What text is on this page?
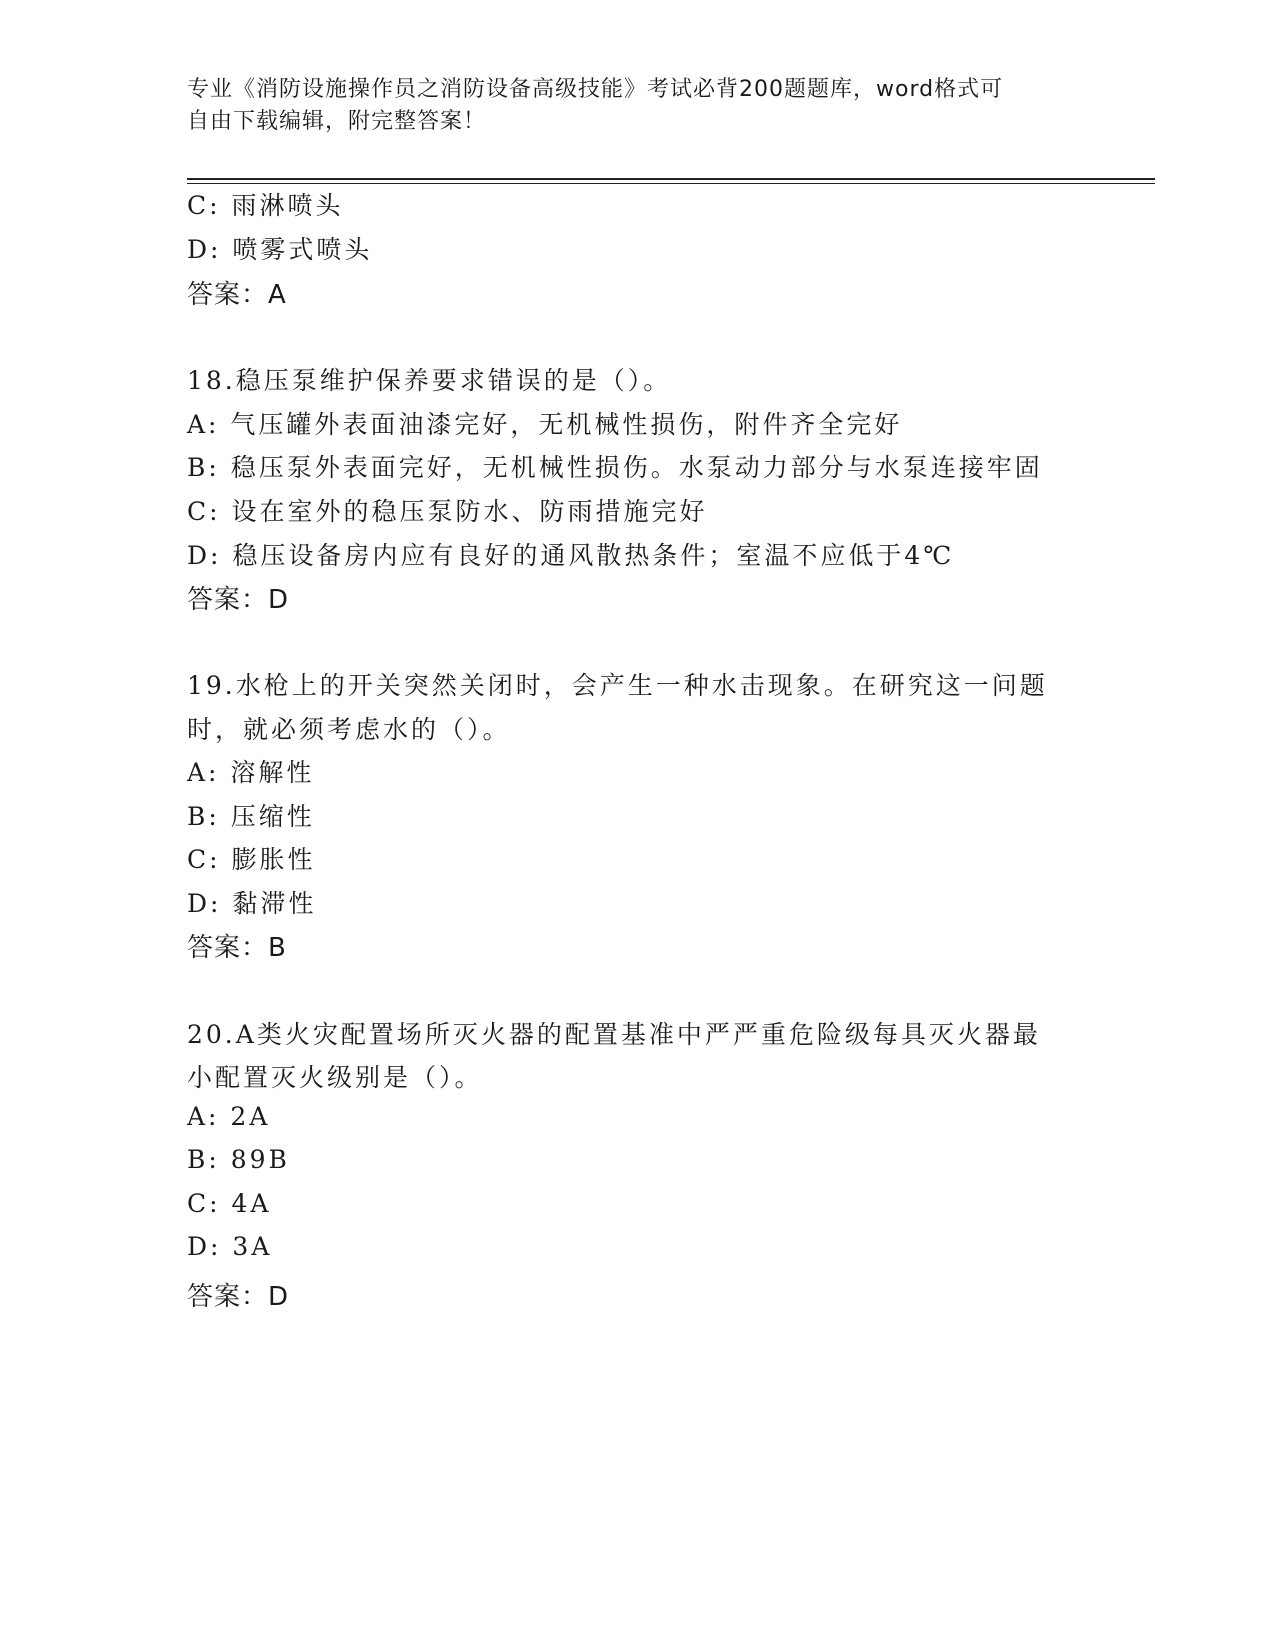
专业《消防设施操作员之消防设备高级技能》考试必背200题题库，word格式可
自由下载编辑，附完整答案！
C: 雨淋喷头
D: 喷雾式喷头
答案：A
18.稳压泵维护保养要求错误的是（）。
A: 气压罐外表面油漆完好，无机械性损伤，附件齐全完好
B: 稳压泵外表面完好，无机械性损伤。水泵动力部分与水泵连接牢固
C: 设在室外的稳压泵防水、防雨措施完好
D: 稳压设备房内应有良好的通风散热条件；室温不应低于4℃
答案：D
19.水枪上的开关突然关闭时，会产生一种水击现象。在研究这一问题
时，就必须考虑水的（）。
A: 溶解性
B: 压缩性
C: 膨胀性
D: 黏滞性
答案：B
20.A类火灾配置场所灭火器的配置基准中严严重危险级每具灭火器最
小配置灭火级别是（）。
A: 2A
B: 89B
C: 4A
D: 3A
答案：D
